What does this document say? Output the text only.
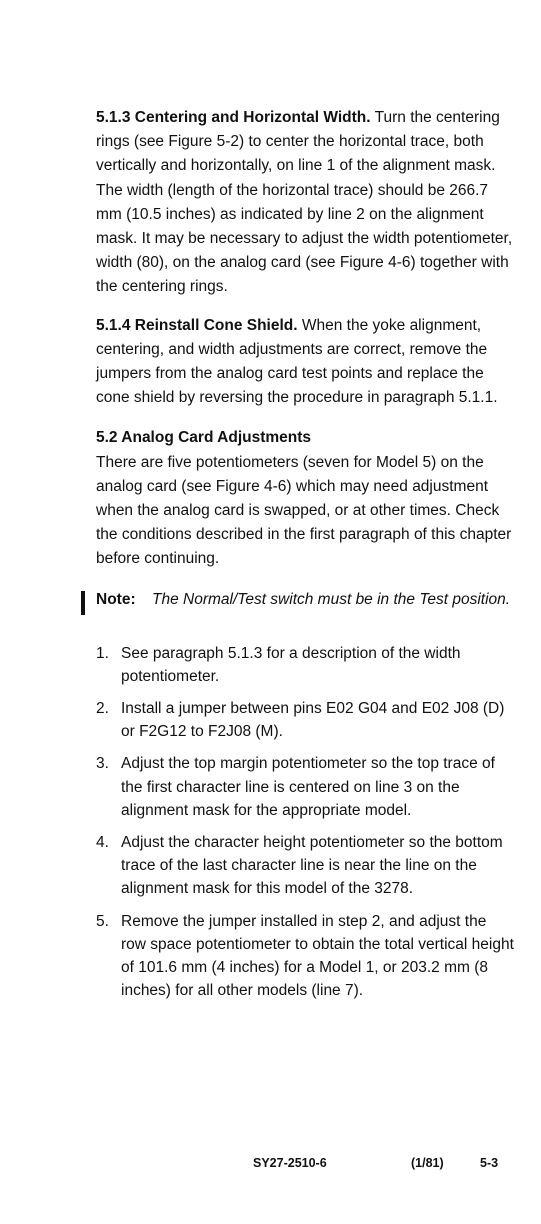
5.1.3 Centering and Horizontal Width. Turn the centering rings (see Figure 5-2) to center the horizontal trace, both vertically and horizontally, on line 1 of the alignment mask. The width (length of the horizontal trace) should be 266.7 mm (10.5 inches) as indicated by line 2 on the alignment mask. It may be necessary to adjust the width potentiometer, width (80), on the analog card (see Figure 4-6) together with the centering rings.

5.1.4 Reinstall Cone Shield. When the yoke alignment, centering, and width adjustments are correct, remove the jumpers from the analog card test points and replace the cone shield by reversing the procedure in paragraph 5.1.1.

5.2 Analog Card Adjustments

There are five potentiometers (seven for Model 5) on the analog card (see Figure 4-6) which may need adjustment when the analog card is swapped, or at other times. Check the conditions described in the first paragraph of this chapter before continuing.

Note:	The Normal/Test switch must be in the Test position.
1. See paragraph 5.1.3 for a description of the width potentiometer.
2. Install a jumper between pins E02 G04 and E02 J08 (D) or F2G12 to F2J08 (M).
3. Adjust the top margin potentiometer so the top trace of the first character line is centered on line 3 on the alignment mask for the appropriate model.
4. Adjust the character height potentiometer so the bottom trace of the last character line is near the line on the alignment mask for this model of the 3278.
5. Remove the jumper installed in step 2, and adjust the row space potentiometer to obtain the total vertical height of 101.6 mm (4 inches) for a Model 1, or 203.2 mm (8 inches) for all other models (line 7).
SY27-2510-6	(1/81)	5-3
